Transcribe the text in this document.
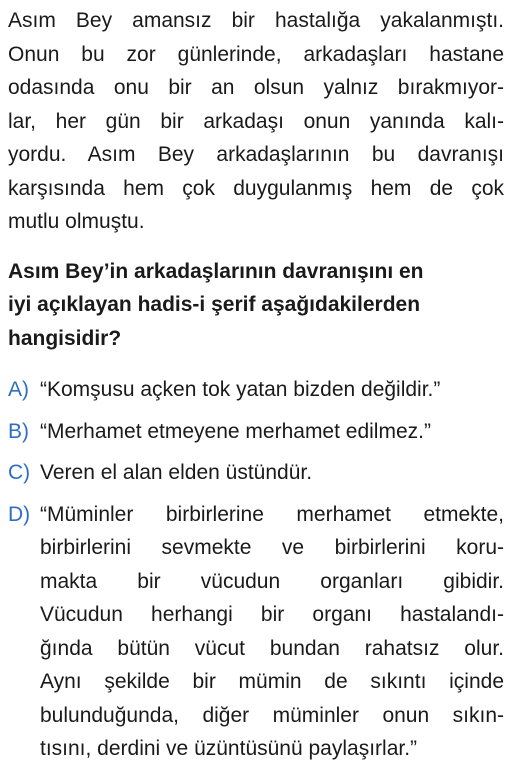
Asım Bey amansız bir hastalığa yakalanmıştı.
Onun bu zor günlerinde, arkadaşları hastane
odasında onu bir an olsun yalnız bırakmıyor-
lar, her gün bir arkadaşı onun yanında kalı-
yordu. Asım Bey arkadaşlarının bu davranışı
karşısında hem çok duygulanmış hem de çok
mutlu olmuştu.

Asım Bey’in arkadaşlarının davranışını en
iyi açıklayan hadis-i şerif aşağıdakilerden
hangisidir?

A) “Komşusu açken tok yatan bizden değildir.”
B) “Merhamet etmeyene merhamet edilmez.”
C) Veren el alan elden üstündür.
D) “Müminler birbirlerine merhamet etmekte,
birbirlerini sevmekte ve birbirlerini koru-
makta bir vücudun organları gibidir.
Vücudun herhangi bir organı hastalandı-
ğında bütün vücut bundan rahatsız olur.
Aynı şekilde bir mümin de sıkıntı içinde
bulunduğunda, diğer müminler onun sıkın-
tısını, derdini ve üzüntüsünü paylaşırlar.”
